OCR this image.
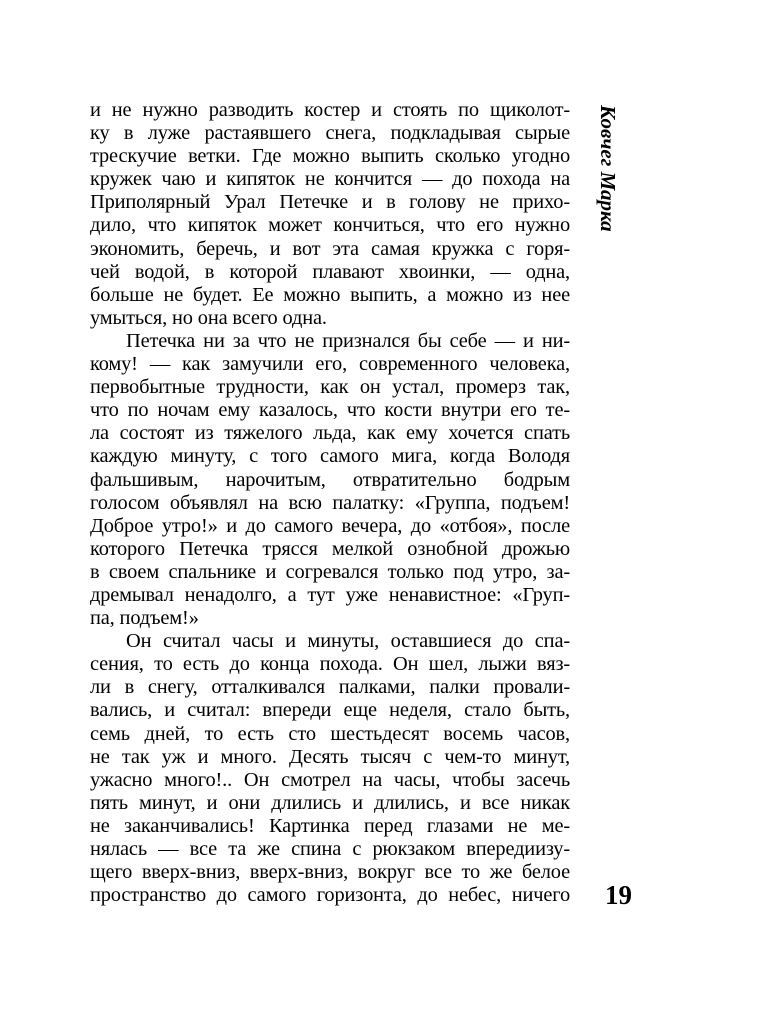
Ковчег Марка
и не нужно разводить костер и стоять по щиколот-
ку в луже растаявшего снега, подкладывая сырые
трескучие ветки. Где можно выпить сколько угодно
кружек чаю и кипяток не кончится — до похода на
Приполярный Урал Петечке и в голову не прихо-
дило, что кипяток может кончиться, что его нужно
экономить, беречь, и вот эта самая кружка с горя-
чей водой, в которой плавают хвоинки, — одна,
больше не будет. Ее можно выпить, а можно из нее
умыться, но она всего одна.
Петечка ни за что не признался бы себе — и ни-
кому! — как замучили его, современного человека,
первобытные трудности, как он устал, промерз так,
что по ночам ему казалось, что кости внутри его те-
ла состоят из тяжелого льда, как ему хочется спать
каждую минуту, с того самого мига, когда Володя
фальшивым, нарочитым, отвратительно бодрым
голосом объявлял на всю палатку: «Группа, подъем!
Доброе утро!» и до самого вечера, до «отбоя», после
которого Петечка трясся мелкой ознобной дрожью
в своем спальнике и согревался только под утро, за-
дремывал ненадолго, а тут уже ненавистное: «Груп-
па, подъем!»
Он считал часы и минуты, оставшиеся до спа-
сения, то есть до конца похода. Он шел, лыжи вяз-
ли в снегу, отталкивался палками, палки провали-
вались, и считал: впереди еще неделя, стало быть,
семь дней, то есть сто шестьдесят восемь часов,
не так уж и много. Десять тысяч с чем-то минут,
ужасно много!.. Он смотрел на часы, чтобы засечь
пять минут, и они длились и длились, и все никак
не заканчивались! Картинка перед глазами не ме-
нялась — все та же спина с рюкзаком впередиизу-
щего вверх-вниз, вверх-вниз, вокруг все то же белое
пространство до самого горизонта, до небес, ничего 19
